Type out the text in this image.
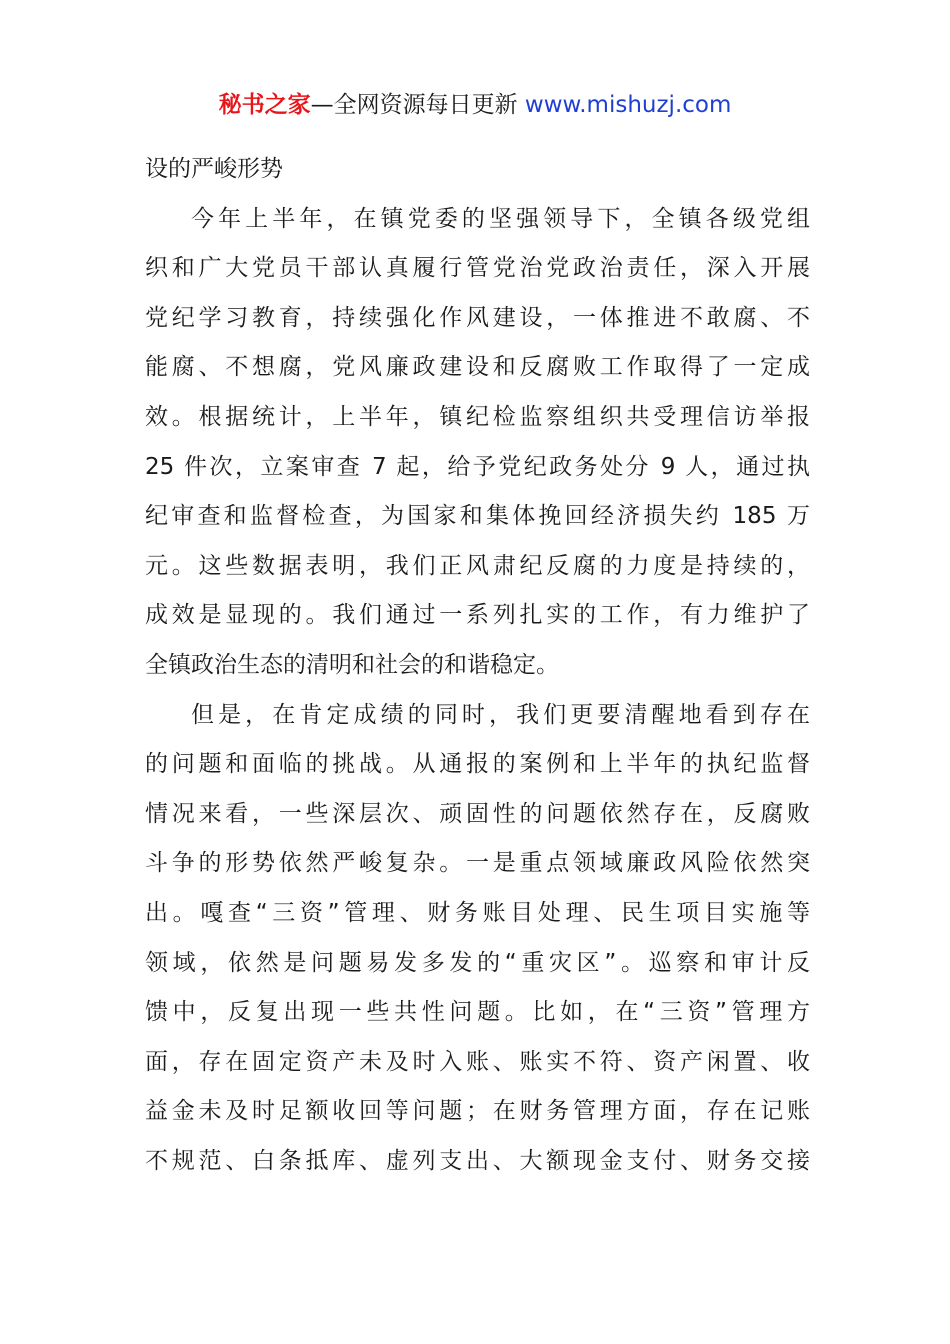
秘书之家—全网资源每日更新 www.mishuzj.com
设的严峻形势
今年上半年，在镇党委的坚强领导下，全镇各级党组
织和广大党员干部认真履行管党治党政治责任，深入开展
党纪学习教育，持续强化作风建设，一体推进不敢腐、不
能腐、不想腐，党风廉政建设和反腐败工作取得了一定成
效。根据统计，上半年，镇纪检监察组织共受理信访举报
25 件次，立案审查 7 起，给予党纪政务处分 9 人，通过执
纪审查和监督检查，为国家和集体挽回经济损失约 185 万
元。这些数据表明，我们正风肃纪反腐的力度是持续的，
成效是显现的。我们通过一系列扎实的工作，有力维护了
全镇政治生态的清明和社会的和谐稳定。
但是，在肯定成绩的同时，我们更要清醒地看到存在
的问题和面临的挑战。从通报的案例和上半年的执纪监督
情况来看，一些深层次、顽固性的问题依然存在，反腐败
斗争的形势依然严峻复杂。一是重点领域廉政风险依然突
出。嘎查“三资”管理、财务账目处理、民生项目实施等
领域，依然是问题易发多发的“重灾区”。巡察和审计反
馈中，反复出现一些共性问题。比如，在“三资”管理方
面，存在固定资产未及时入账、账实不符、资产闲置、收
益金未及时足额收回等问题；在财务管理方面，存在记账
不规范、白条抵库、虚列支出、大额现金支付、财务交接
